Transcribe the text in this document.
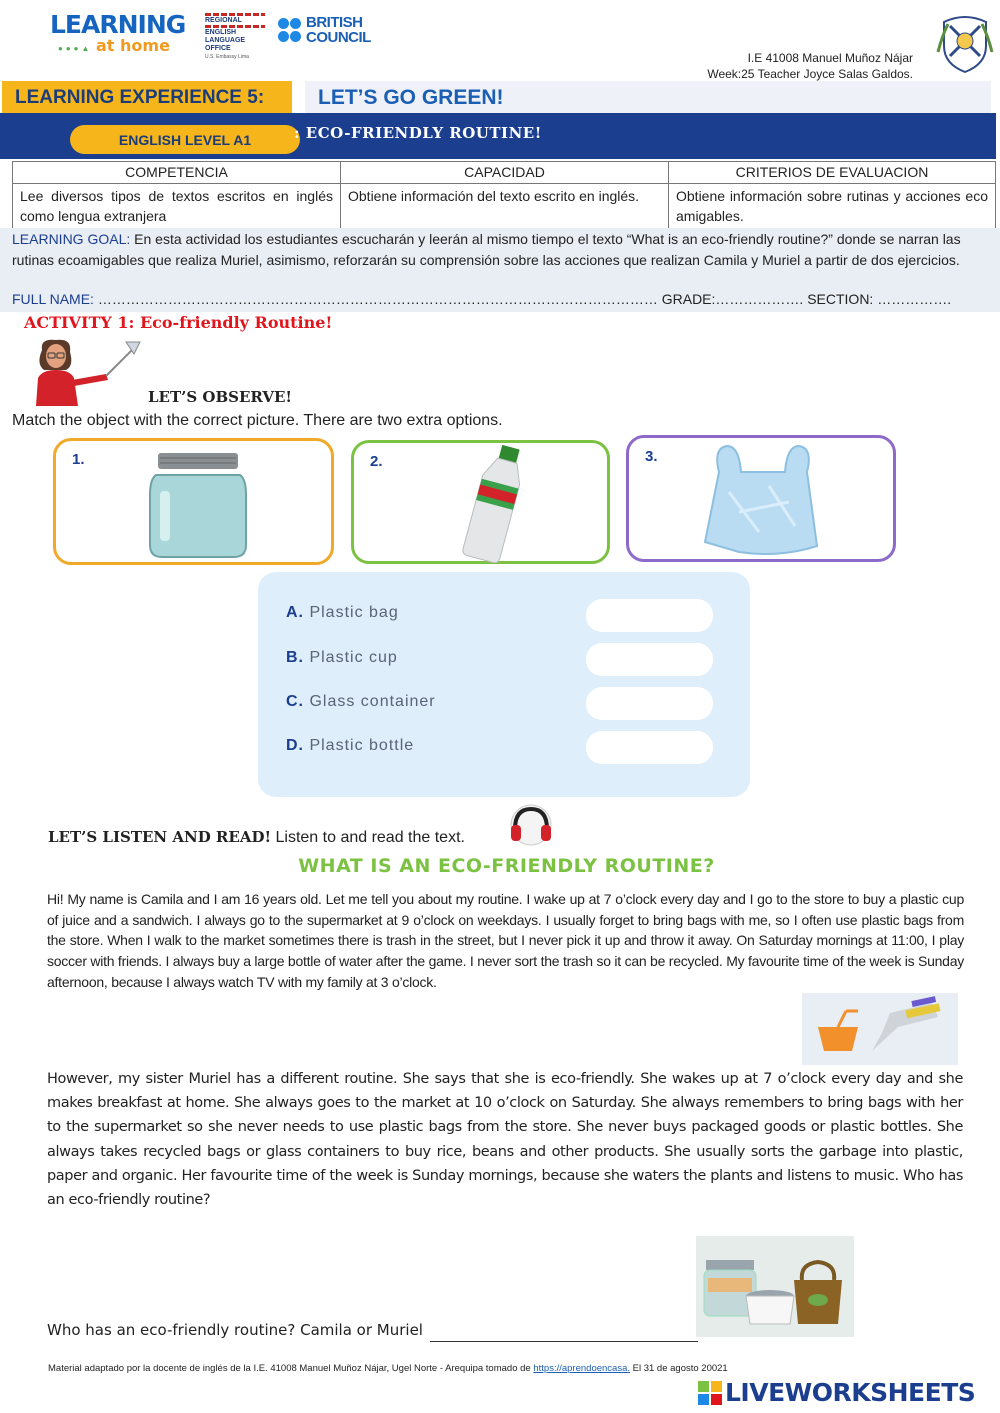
LEARNING
at home
●●●▲
REGIONAL
ENGLISH
LANGUAGE
OFFICE
U.S. Embassy Lima
BRITISH
COUNCIL
I.E 41008 Manuel Muñoz Nájar
Week:25 Teacher Joyce Salas Galdos.
LEARNING EXPERIENCE 5:	LET’S GO GREEN!
ENGLISH LEVEL A1	: ECO-FRIENDLY ROUTINE!
COMPETENCIA	CAPACIDAD	CRITERIOS DE EVALUACION
Lee diversos tipos de textos escritos en inglés como lengua extranjera	Obtiene información del texto escrito en inglés.	Obtiene información sobre rutinas y acciones eco amigables.
LEARNING GOAL: En esta actividad los estudiantes escucharán y leerán al mismo tiempo el texto “What is an eco-friendly routine?” donde se narran las rutinas ecoamigables que realiza Muriel, asimismo, reforzarán su comprensión sobre las acciones que realizan Camila y Muriel a partir de dos ejercicios.
FULL NAME: ………………………………………………………………………………………………………… GRADE:………………. SECTION: …………….
ACTIVITY 1: Eco-friendly Routine!
LET’S OBSERVE!
Match the object with the correct picture. There are two extra options.
1.	2.	3.
A. Plastic bag
B. Plastic cup
C. Glass container
D. Plastic bottle
LET’S LISTEN AND READ! Listen to and read the text.
WHAT IS AN ECO-FRIENDLY ROUTINE?
Hi! My name is Camila and I am 16 years old. Let me tell you about my routine. I wake up at 7 o’clock every day and I go to the store to buy a plastic cup of juice and a sandwich. I always go to the supermarket at 9 o’clock on weekdays. I usually forget to bring bags with me, so I often use plastic bags from the store. When I walk to the market sometimes there is trash in the street, but I never pick it up and throw it away. On Saturday mornings at 11:00, I play soccer with friends. I always buy a large bottle of water after the game. I never sort the trash so it can be recycled. My favourite time of the week is Sunday afternoon, because I always watch TV with my family at 3 o’clock.
However, my sister Muriel has a different routine. She says that she is eco-friendly. She wakes up at 7 o’clock every day and she makes breakfast at home. She always goes to the market at 10 o’clock on Saturday. She always remembers to bring bags with her to the supermarket so she never needs to use plastic bags from the store. She never buys packaged goods or plastic bottles. She always takes recycled bags or glass containers to buy rice, beans and other products. She usually sorts the garbage into plastic, paper and organic. Her favourite time of the week is Sunday mornings, because she waters the plants and listens to music. Who has an eco-friendly routine?
Who has an eco-friendly routine? Camila or Muriel
Material adaptado por la docente de inglés de la I.E. 41008 Manuel Muñoz Nájar, Ugel Norte - Arequipa tomado de https://aprendoencasa. El 31 de agosto 20021
LIVEWORKSHEETS
